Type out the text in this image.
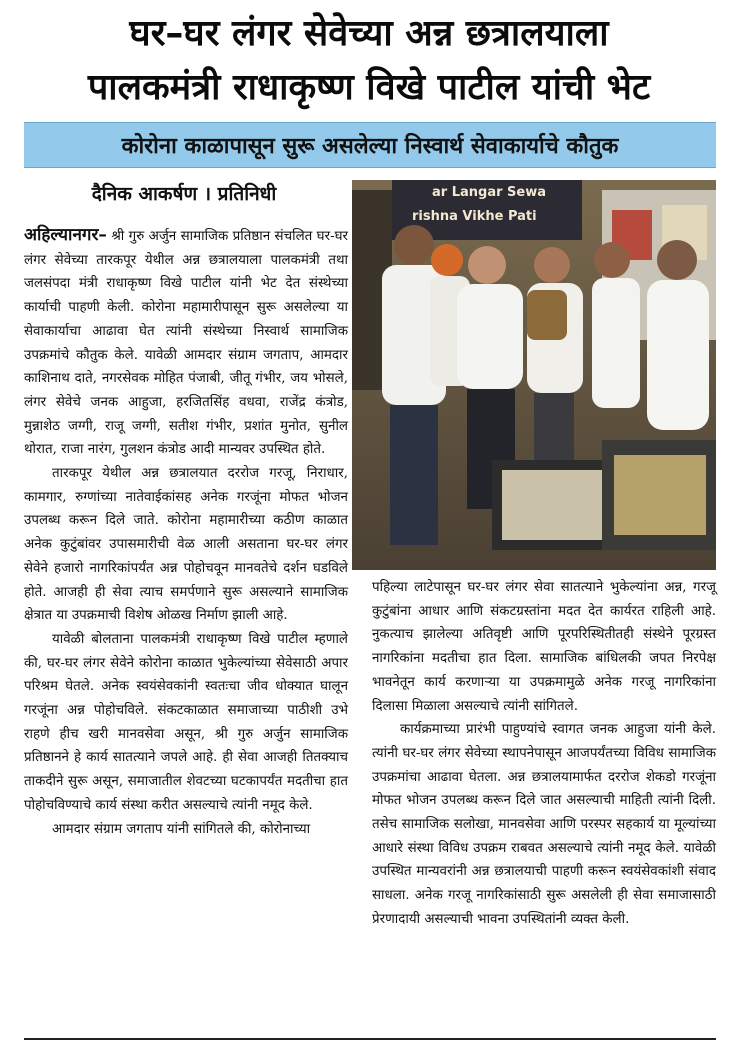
घर–घर लंगर सेवेच्या अन्न छत्रालयाला
पालकमंत्री राधाकृष्ण विखे पाटील यांची भेट
कोरोना काळापासून सुरू असलेल्या निस्वार्थ सेवाकार्याचे कौतुक
दैनिक आकर्षण । प्रतिनिधी	ar Langar Sewa
rishna Vikhe Pati

अहिल्यानगर– श्री गुरु अर्जुन सामाजिक प्रतिष्ठान संचलित घर-घर लंगर सेवेच्या तारकपूर येथील अन्न छत्रालयाला पालकमंत्री तथा जलसंपदा मंत्री राधाकृष्ण विखे पाटील यांनी भेट देत संस्थेच्या कार्याची पाहणी केली. कोरोना महामारीपासून सुरू असलेल्या या सेवाकार्याचा आढावा घेत त्यांनी संस्थेच्या निस्वार्थ सामाजिक उपक्रमांचे कौतुक केले. यावेळी आमदार संग्राम जगताप, आमदार काशिनाथ दाते, नगरसेवक मोहित पंजाबी, जीतू गंभीर, जय भोसले, लंगर सेवेचे जनक आहुजा, हरजितसिंह वधवा, राजेंद्र कंत्रोड, मुन्नाशेठ जग्गी, राजू जग्गी, सतीश गंभीर, प्रशांत मुनोत, सुनील थोरात, राजा नारंग, गुलशन कंत्रोड आदी मान्यवर उपस्थित होते.

तारकपूर येथील अन्न छत्रालयात दररोज गरजू, निराधार, कामगार, रुग्णांच्या नातेवाईकांसह अनेक गरजूंना मोफत भोजन उपलब्ध करून दिले जाते. कोरोना महामारीच्या कठीण काळात अनेक कुटुंबांवर उपासमारीची वेळ आली असताना घर-घर लंगर सेवेने हजारो नागरिकांपर्यंत अन्न पोहोचवून मानवतेचे दर्शन घडविले होते. आजही ही सेवा त्याच समर्पणाने सुरू असल्याने सामाजिक क्षेत्रात या उपक्रमाची विशेष ओळख निर्माण झाली आहे.

यावेळी बोलताना पालकमंत्री राधाकृष्ण विखे पाटील म्हणाले की, घर-घर लंगर सेवेने कोरोना काळात भुकेल्यांच्या सेवेसाठी अपार परिश्रम घेतले. अनेक स्वयंसेवकांनी स्वतःचा जीव धोक्यात घालून गरजूंना अन्न पोहोचविले. संकटकाळात समाजाच्या पाठीशी उभे राहणे हीच खरी मानवसेवा असून, श्री गुरु अर्जुन सामाजिक प्रतिष्ठानने हे कार्य सातत्याने जपले आहे. ही सेवा आजही तितक्याच ताकदीने सुरू असून, समाजातील शेवटच्या घटकापर्यंत मदतीचा हात पोहोचविण्याचे कार्य संस्था करीत असल्याचे त्यांनी नमूद केले.

आमदार संग्राम जगताप यांनी सांगितले की, कोरोनाच्या

पहिल्या लाटेपासून घर-घर लंगर सेवा सातत्याने भुकेल्यांना अन्न, गरजू कुटुंबांना आधार आणि संकटग्रस्तांना मदत देत कार्यरत राहिली आहे. नुकत्याच झालेल्या अतिवृष्टी आणि पूरपरिस्थितीतही संस्थेने पूरग्रस्त नागरिकांना मदतीचा हात दिला. सामाजिक बांधिलकी जपत निरपेक्ष भावनेतून कार्य करणाऱ्या या उपक्रमामुळे अनेक गरजू नागरिकांना दिलासा मिळाला असल्याचे त्यांनी सांगितले.

कार्यक्रमाच्या प्रारंभी पाहुण्यांचे स्वागत जनक आहुजा यांनी केले. त्यांनी घर-घर लंगर सेवेच्या स्थापनेपासून आजपर्यंतच्या विविध सामाजिक उपक्रमांचा आढावा घेतला. अन्न छत्रालयामार्फत दररोज शेकडो गरजूंना मोफत भोजन उपलब्ध करून दिले जात असल्याची माहिती त्यांनी दिली. तसेच सामाजिक सलोखा, मानवसेवा आणि परस्पर सहकार्य या मूल्यांच्या आधारे संस्था विविध उपक्रम राबवत असल्याचे त्यांनी नमूद केले. यावेळी उपस्थित मान्यवरांनी अन्न छत्रालयाची पाहणी करून स्वयंसेवकांशी संवाद साधला. अनेक गरजू नागरिकांसाठी सुरू असलेली ही सेवा समाजासाठी प्रेरणादायी असल्याची भावना उपस्थितांनी व्यक्त केली.
